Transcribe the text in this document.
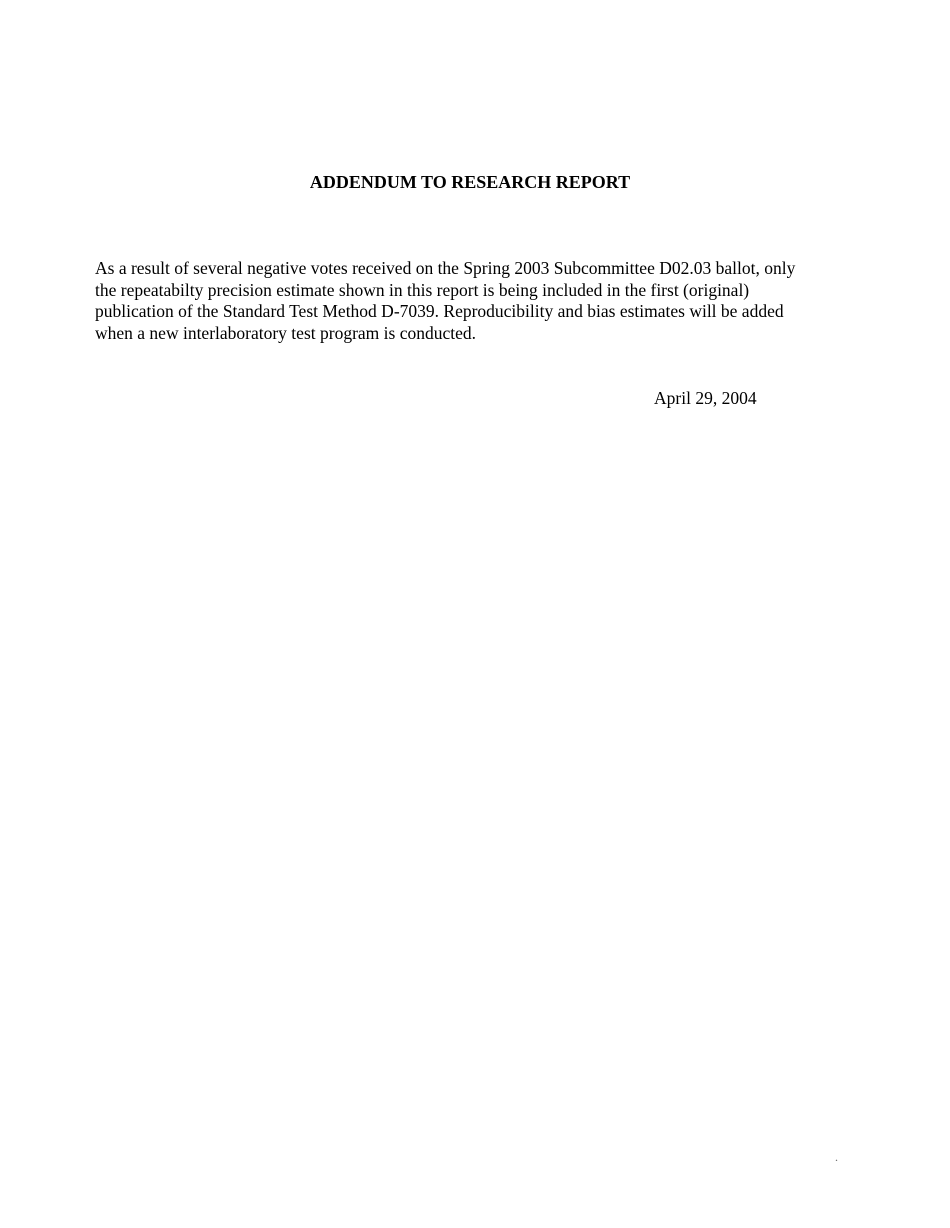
ADDENDUM TO RESEARCH REPORT
As a result of several negative votes received on the Spring 2003 Subcommittee D02.03 ballot, only
the repeatabilty precision estimate shown in this report is being included in the first (original)
publication of the Standard Test Method D-7039. Reproducibility and bias estimates will be added
when a new interlaboratory test program is conducted.
April 29, 2004
.
